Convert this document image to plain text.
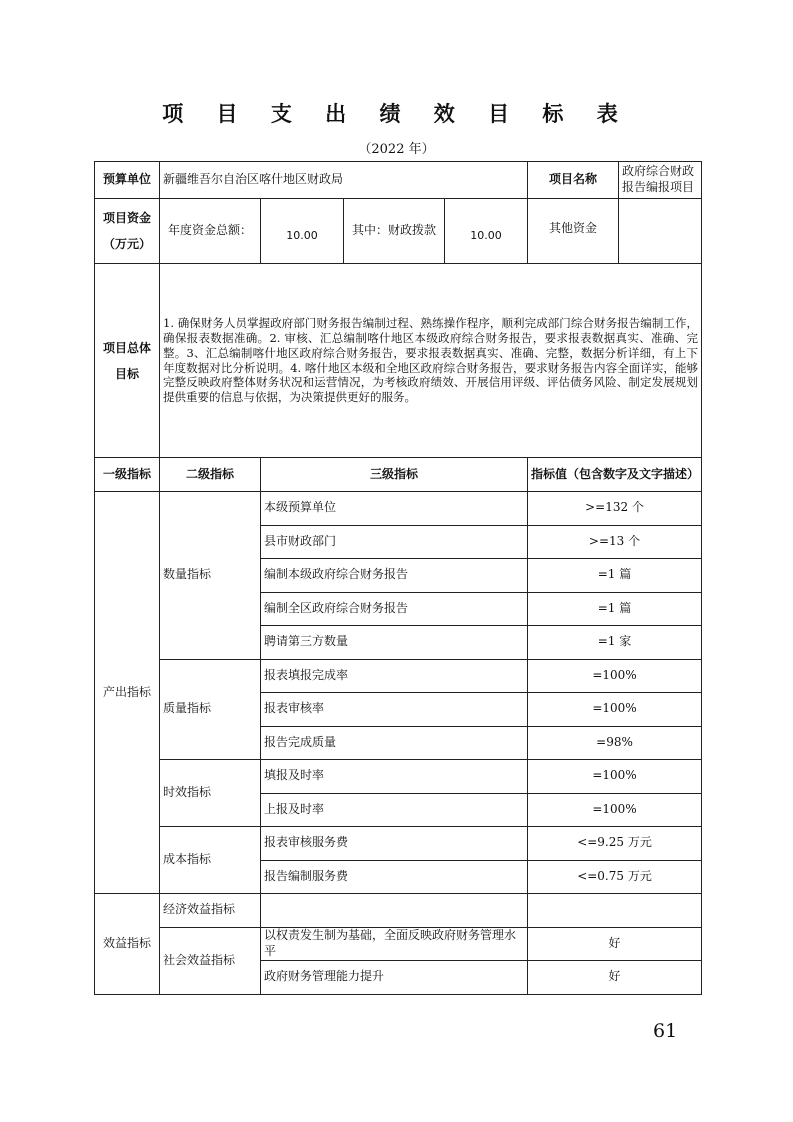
项 目 支 出 绩 效 目 标 表
（2022 年）
预算单位	新疆维吾尔自治区喀什地区财政局				项目名称	政府综合财政报告编报项目

项目资金
（万元）	年度资金总额：	10.00	其中：财政拨款	10.00	其他资金	
项目总体目标	1. 确保财务人员掌握政府部门财务报告编制过程、熟练操作程序，顺利完成部门综合财务报告编制工作，确保报表数据准确。2. 审核、汇总编制喀什地区本级政府综合财务报告，要求报表数据真实、准确、完整。3、汇总编制喀什地区政府综合财务报告，要求报表数据真实、准确、完整，数据分析详细，有上下年度数据对比分析说明。4. 喀什地区本级和全地区政府综合财务报告，要求财务报告内容全面详实，能够完整反映政府整体财务状况和运营情况，为考核政府绩效、开展信用评级、评估债务风险、制定发展规划提供重要的信息与依据，为决策提供更好的服务。					
一级指标	二级指标	三级指标			指标值（包含数字及文字描述）	
产出指标	数量指标	本级预算单位			>=132 个	
		县市财政部门			>=13 个	
		编制本级政府综合财务报告			=1 篇	
		编制全区政府综合财务报告			=1 篇	
		聘请第三方数量			=1 家	
	质量指标	报表填报完成率			=100%	
		报表审核率			=100%	
		报告完成质量			=98%	
	时效指标	填报及时率			=100%	
		上报及时率			=100%	
	成本指标	报表审核服务费			<=9.25 万元	
		报告编制服务费			<=0.75 万元	
效益指标	经济效益指标					
	社会效益指标	以权责发生制为基础，全面反映政府财务管理水平			好	
		政府财务管理能力提升			好	
61
